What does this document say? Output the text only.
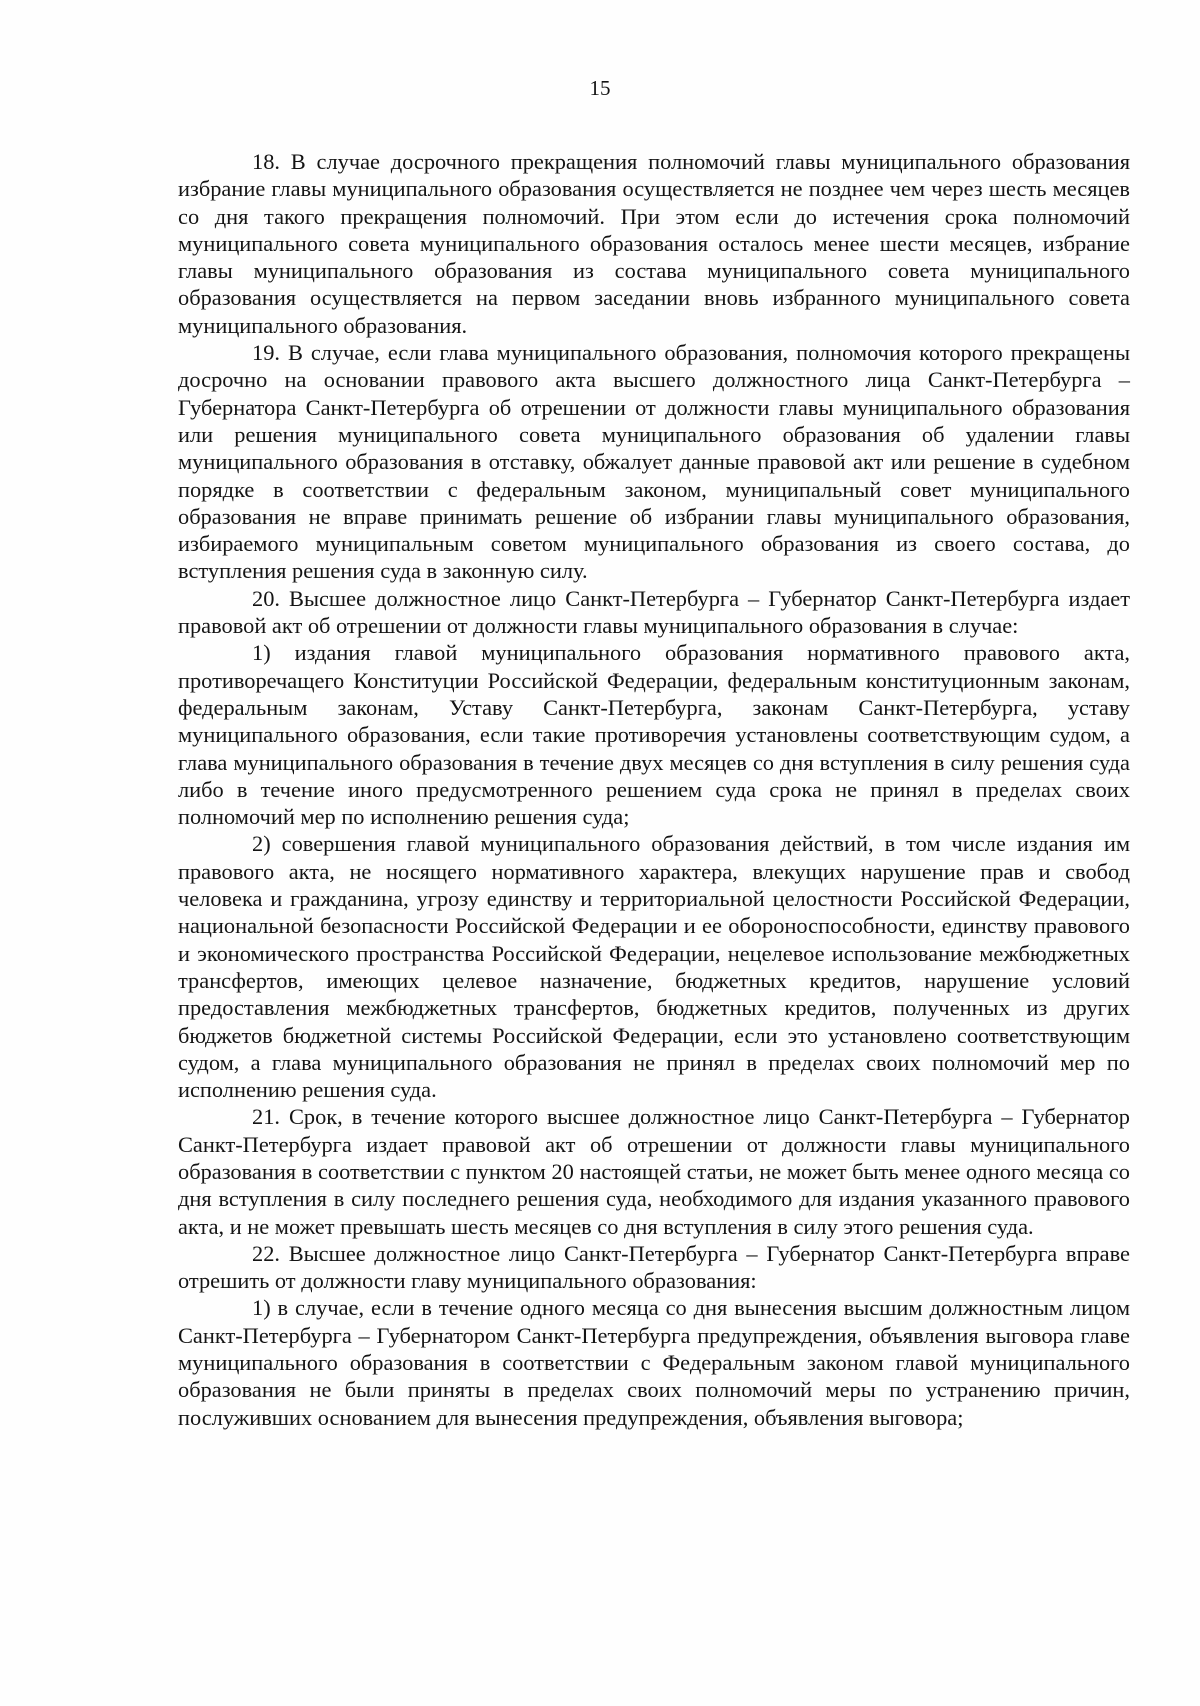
15

18. В случае досрочного прекращения полномочий главы муниципального образования избрание главы муниципального образования осуществляется не позднее чем через шесть месяцев со дня такого прекращения полномочий. При этом если до истечения срока полномочий муниципального совета муниципального образования осталось менее шести месяцев, избрание главы муниципального образования из состава муниципального совета муниципального образования осуществляется на первом заседании вновь избранного муниципального совета муниципального образования.

19. В случае, если глава муниципального образования, полномочия которого прекращены досрочно на основании правового акта высшего должностного лица Санкт-Петербурга – Губернатора Санкт-Петербурга об отрешении от должности главы муниципального образования или решения муниципального совета муниципального образования об удалении главы муниципального образования в отставку, обжалует данные правовой акт или решение в судебном порядке в соответствии с федеральным законом, муниципальный совет муниципального образования не вправе принимать решение об избрании главы муниципального образования, избираемого муниципальным советом муниципального образования из своего состава, до вступления решения суда в законную силу.

20. Высшее должностное лицо Санкт-Петербурга – Губернатор Санкт-Петербурга издает правовой акт об отрешении от должности главы муниципального образования в случае:

1) издания главой муниципального образования нормативного правового акта, противоречащего Конституции Российской Федерации, федеральным конституционным законам, федеральным законам, Уставу Санкт-Петербурга, законам Санкт-Петербурга, уставу муниципального образования, если такие противоречия установлены соответствующим судом, а глава муниципального образования в течение двух месяцев со дня вступления в силу решения суда либо в течение иного предусмотренного решением суда срока не принял в пределах своих полномочий мер по исполнению решения суда;

2) совершения главой муниципального образования действий, в том числе издания им правового акта, не носящего нормативного характера, влекущих нарушение прав и свобод человека и гражданина, угрозу единству и территориальной целостности Российской Федерации, национальной безопасности Российской Федерации и ее обороноспособности, единству правового и экономического пространства Российской Федерации, нецелевое использование межбюджетных трансфертов, имеющих целевое назначение, бюджетных кредитов, нарушение условий предоставления межбюджетных трансфертов, бюджетных кредитов, полученных из других бюджетов бюджетной системы Российской Федерации, если это установлено соответствующим судом, а глава муниципального образования не принял в пределах своих полномочий мер по исполнению решения суда.

21. Срок, в течение которого высшее должностное лицо Санкт-Петербурга – Губернатор Санкт-Петербурга издает правовой акт об отрешении от должности главы муниципального образования в соответствии с пунктом 20 настоящей статьи, не может быть менее одного месяца со дня вступления в силу последнего решения суда, необходимого для издания указанного правового акта, и не может превышать шесть месяцев со дня вступления в силу этого решения суда.

22. Высшее должностное лицо Санкт-Петербурга – Губернатор Санкт-Петербурга вправе отрешить от должности главу муниципального образования:

1) в случае, если в течение одного месяца со дня вынесения высшим должностным лицом Санкт-Петербурга – Губернатором Санкт-Петербурга предупреждения, объявления выговора главе муниципального образования в соответствии с Федеральным законом главой муниципального образования не были приняты в пределах своих полномочий меры по устранению причин, послуживших основанием для вынесения предупреждения, объявления выговора;
